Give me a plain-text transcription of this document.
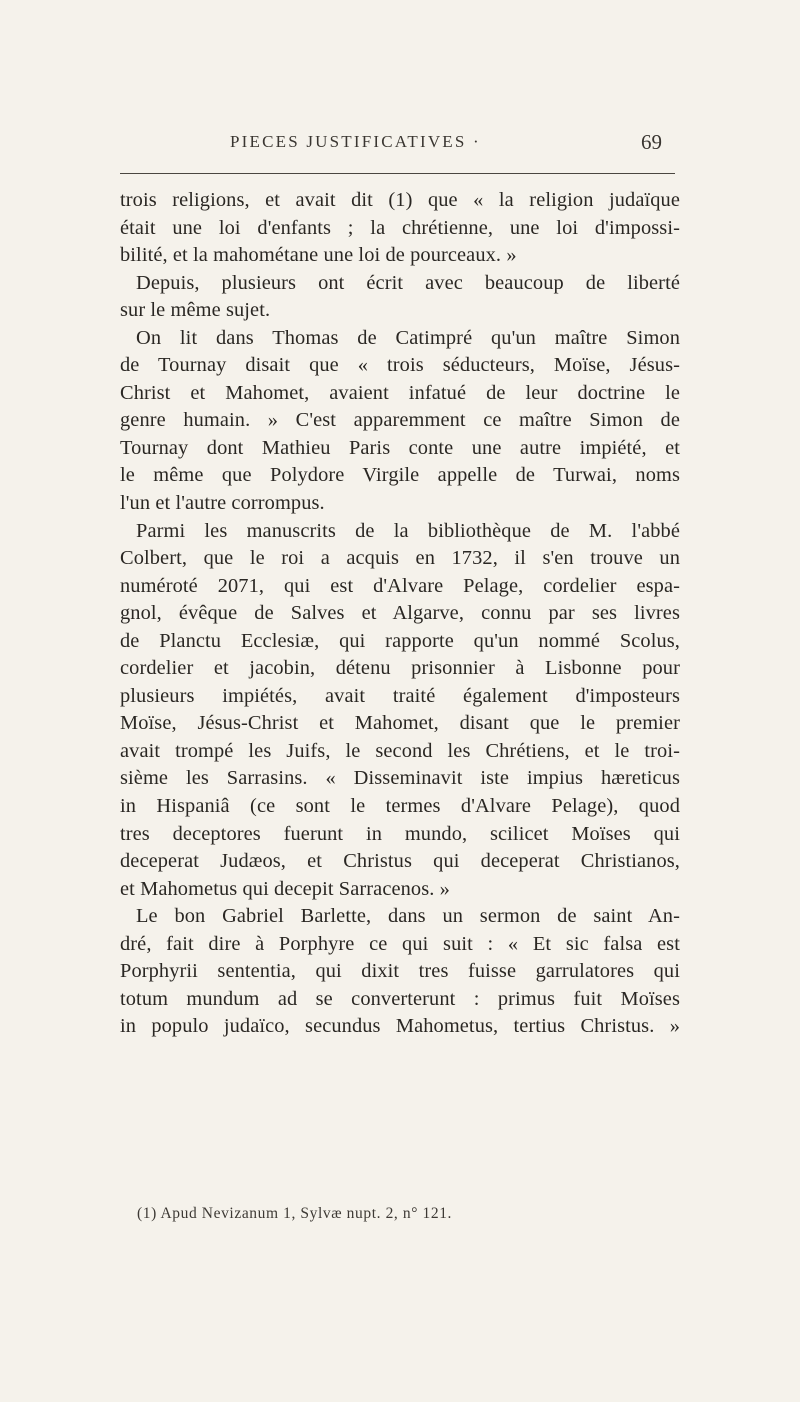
PIECES JUSTIFICATIVES ·	69
trois religions, et avait dit (1) que « la religion judaïque
était une loi d'enfants ; la chrétienne, une loi d'impossi-
bilité, et la mahométane une loi de pourceaux. »
Depuis, plusieurs ont écrit avec beaucoup de liberté
sur le même sujet.
On lit dans Thomas de Catimpré qu'un maître Simon
de Tournay disait que « trois séducteurs, Moïse, Jésus-
Christ et Mahomet, avaient infatué de leur doctrine le
genre humain. » C'est apparemment ce maître Simon de
Tournay dont Mathieu Paris conte une autre impiété, et
le même que Polydore Virgile appelle de Turwai, noms
l'un et l'autre corrompus.
Parmi les manuscrits de la bibliothèque de M. l'abbé
Colbert, que le roi a acquis en 1732, il s'en trouve un
numéroté 2071, qui est d'Alvare Pelage, cordelier espa-
gnol, évêque de Salves et Algarve, connu par ses livres
de Planctu Ecclesiæ, qui rapporte qu'un nommé Scolus,
cordelier et jacobin, détenu prisonnier à Lisbonne pour
plusieurs impiétés, avait traité également d'imposteurs
Moïse, Jésus-Christ et Mahomet, disant que le premier
avait trompé les Juifs, le second les Chrétiens, et le troi-
sième les Sarrasins. « Disseminavit iste impius hæreticus
in Hispaniâ (ce sont le termes d'Alvare Pelage), quod
tres deceptores fuerunt in mundo, scilicet Moïses qui
deceperat Judæos, et Christus qui deceperat Christianos,
et Mahometus qui decepit Sarracenos. »
Le bon Gabriel Barlette, dans un sermon de saint An-
dré, fait dire à Porphyre ce qui suit : « Et sic falsa est
Porphyrii sententia, qui dixit tres fuisse garrulatores qui
totum mundum ad se converterunt : primus fuit Moïses
in populo judaïco, secundus Mahometus, tertius Christus. »
(1) Apud Nevizanum 1, Sylvæ nupt. 2, n° 121.
